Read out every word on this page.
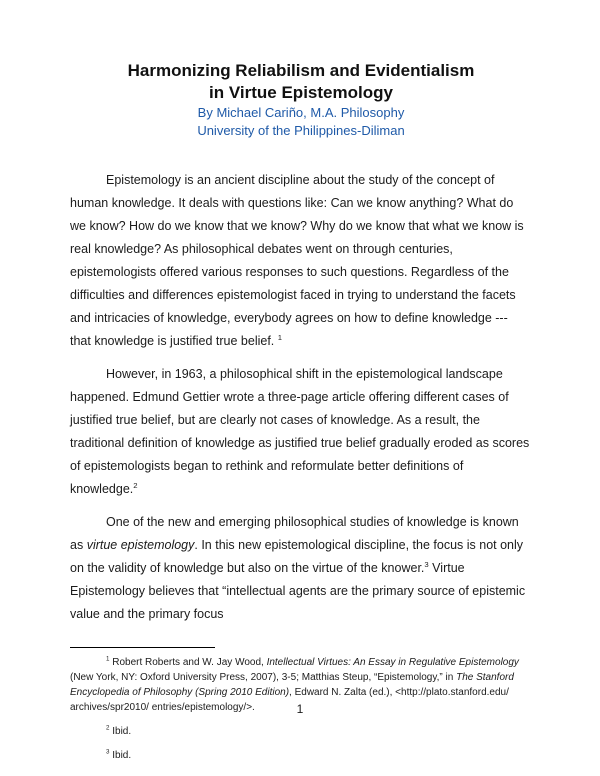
Harmonizing Reliabilism and Evidentialism
in Virtue Epistemology
By Michael Cariño, M.A. Philosophy
University of the Philippines-Diliman

Epistemology is an ancient discipline about the study of the concept of human knowledge. It deals with questions like: Can we know anything? What do we know? How do we know that we know? Why do we know that what we know is real knowledge? As philosophical debates went on through centuries, epistemologists offered various responses to such questions. Regardless of the difficulties and differences epistemologist faced in trying to understand the facets and intricacies of knowledge, everybody agrees on how to define knowledge --- that knowledge is justified true belief. $^1$

However, in 1963, a philosophical shift in the epistemological landscape happened. Edmund Gettier wrote a three-page article offering different cases of justified true belief, but are clearly not cases of knowledge. As a result, the traditional definition of knowledge as justified true belief gradually eroded as scores of epistemologists began to rethink and reformulate better definitions of knowledge.$^2$

One of the new and emerging philosophical studies of knowledge is known as virtue epistemology. In this new epistemological discipline, the focus is not only on the validity of knowledge but also on the virtue of the knower.$^3$ Virtue Epistemology believes that “intellectual agents are the primary source of epistemic value and the primary focus

$^1$ Robert Roberts and W. Jay Wood, Intellectual Virtues: An Essay in Regulative Epistemology (New York, NY: Oxford University Press, 2007), 3-5; Matthias Steup, “Epistemology,” in The Stanford Encyclopedia of Philosophy (Spring 2010 Edition), Edward N. Zalta (ed.), <http://plato.stanford.edu/ archives/spr2010/ entries/epistemology/>.

$^2$ Ibid.

$^3$ Ibid.

1
